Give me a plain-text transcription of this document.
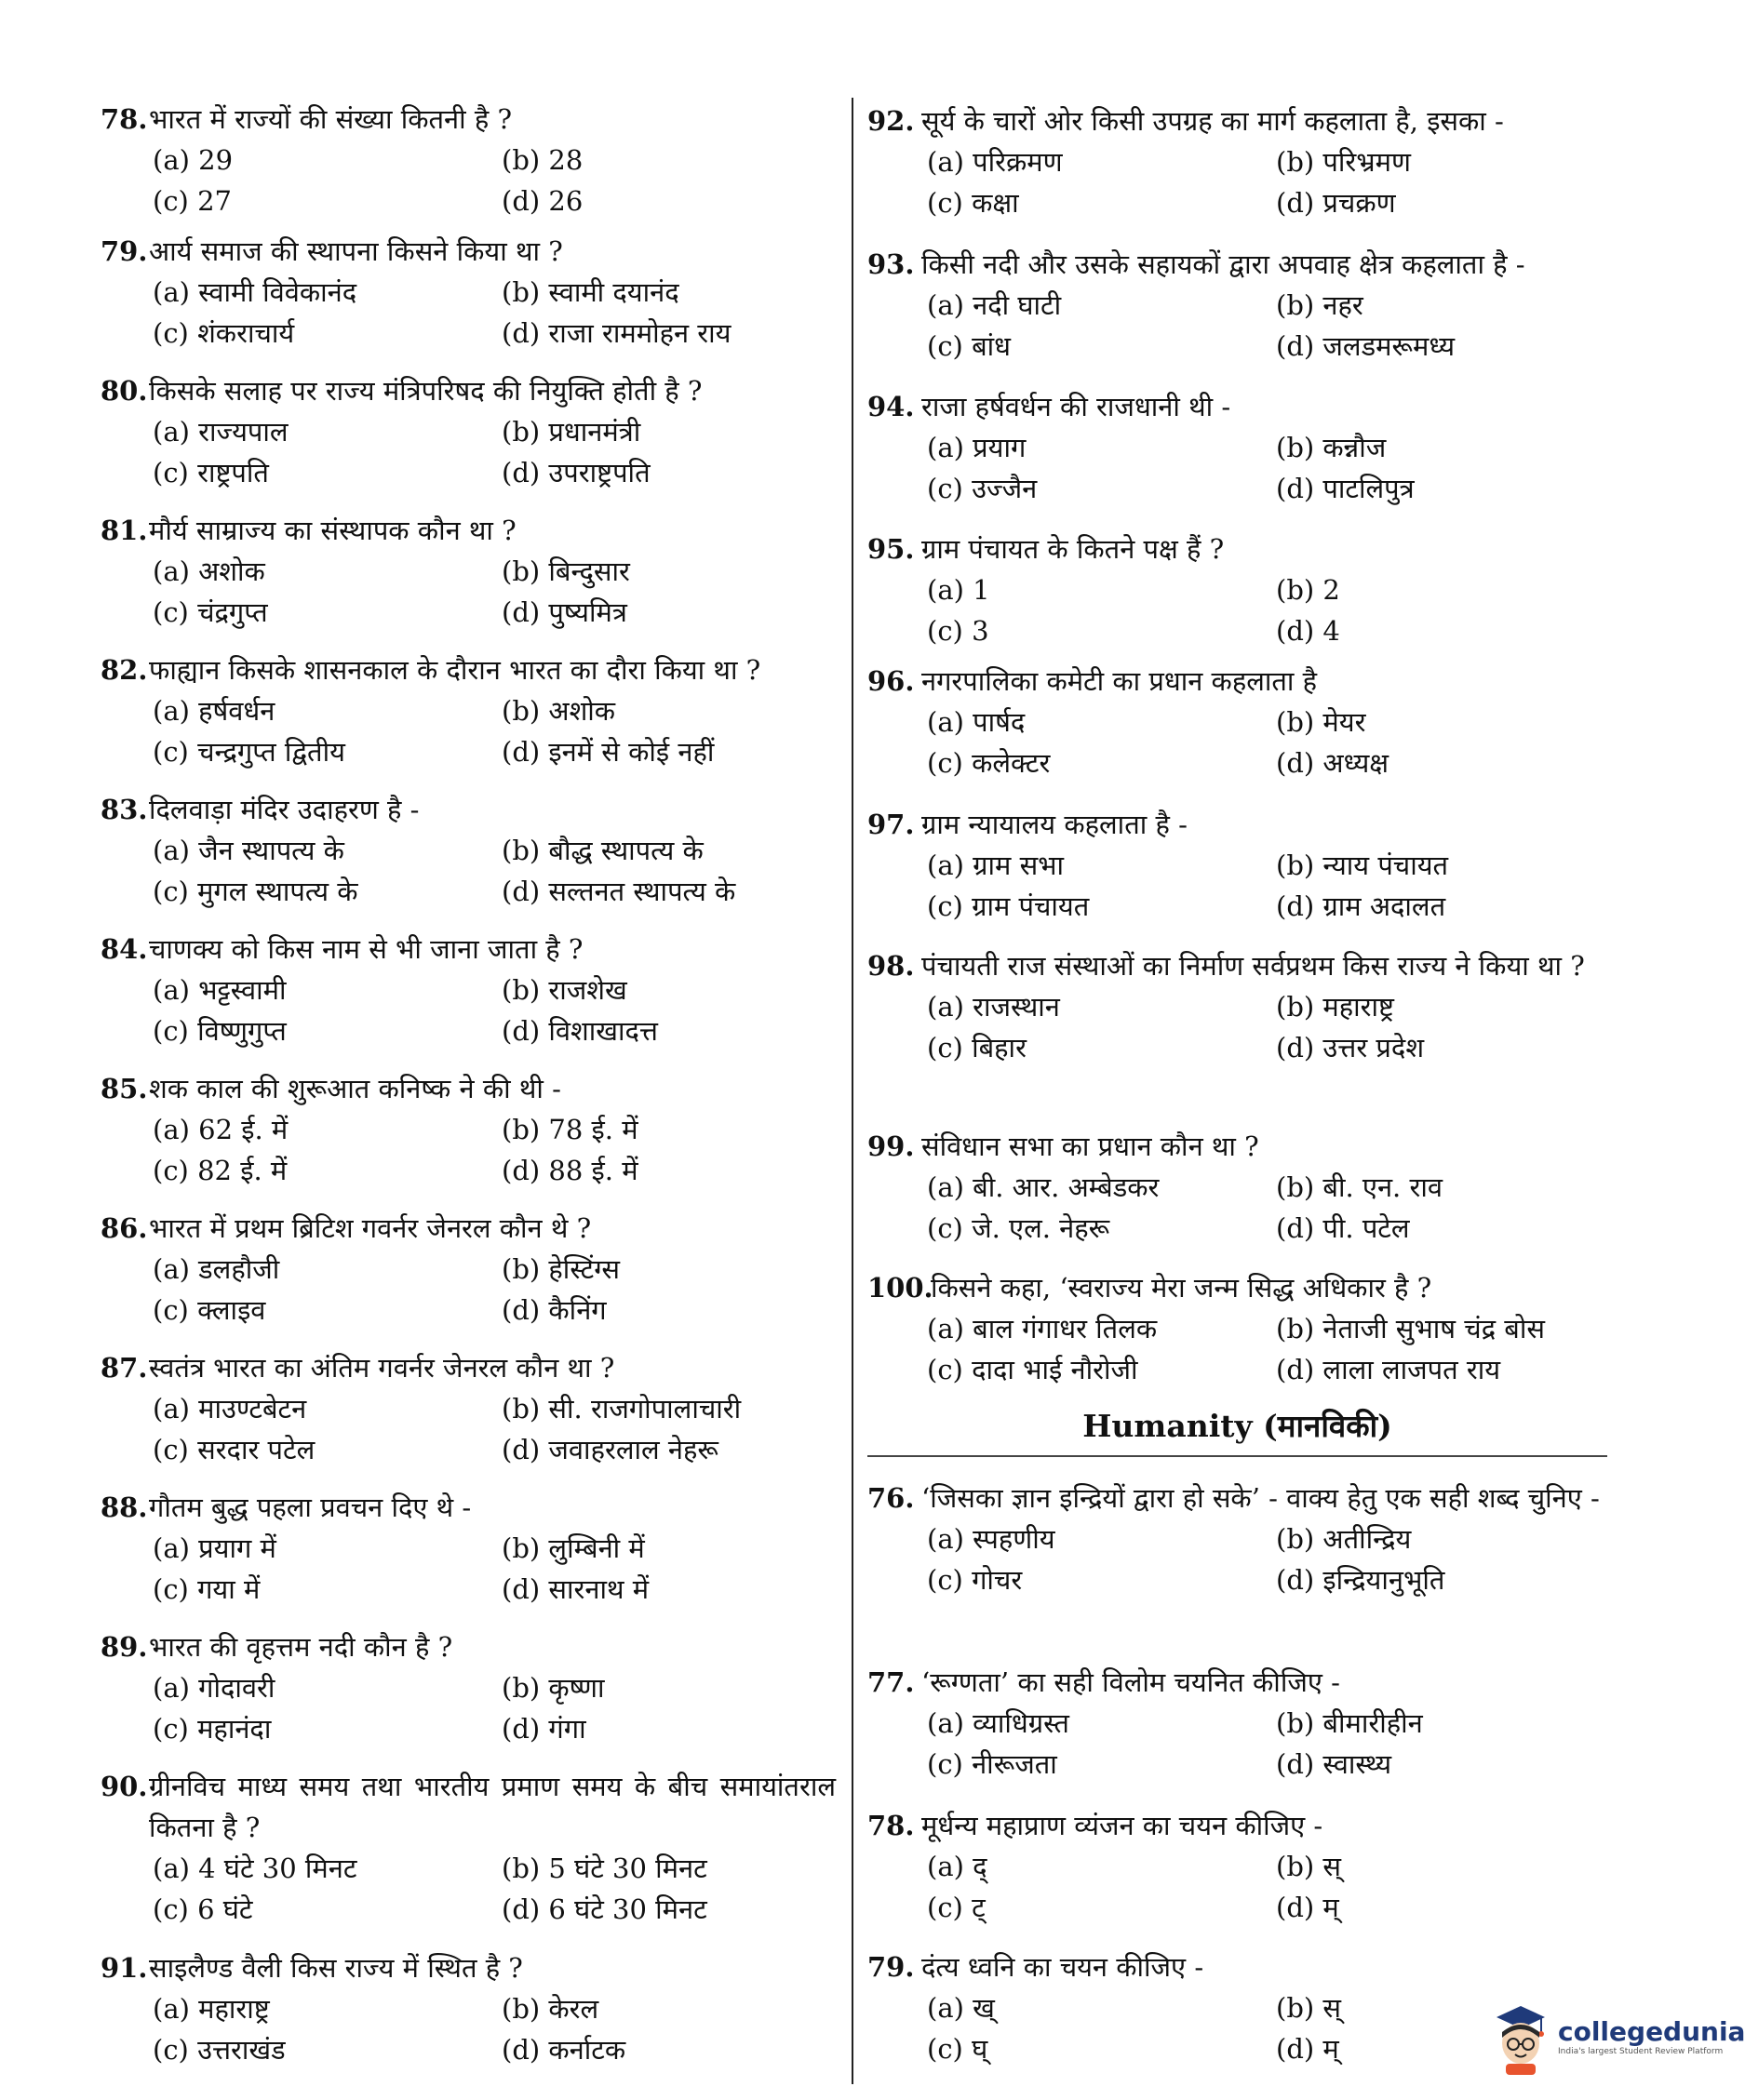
78. भारत में राज्यों की संख्या कितनी है ?
(a) 29	(b) 28
(c) 27	(d) 26
79. आर्य समाज की स्थापना किसने किया था ?
(a) स्वामी विवेकानंद	(b) स्वामी दयानंद
(c) शंकराचार्य	(d) राजा राममोहन राय
80. किसके सलाह पर राज्य मंत्रिपरिषद की नियुक्ति होती है ?
(a) राज्यपाल	(b) प्रधानमंत्री
(c) राष्ट्रपति	(d) उपराष्ट्रपति
81. मौर्य साम्राज्य का संस्थापक कौन था ?
(a) अशोक	(b) बिन्दुसार
(c) चंद्रगुप्त	(d) पुष्यमित्र
82. फाह्यान किसके शासनकाल के दौरान भारत का दौरा किया था ?
(a) हर्षवर्धन	(b) अशोक
(c) चन्द्रगुप्त द्वितीय	(d) इनमें से कोई नहीं
83. दिलवाड़ा मंदिर उदाहरण है -
(a) जैन स्थापत्य के	(b) बौद्ध स्थापत्य के
(c) मुगल स्थापत्य के	(d) सल्तनत स्थापत्य के
84. चाणक्य को किस नाम से भी जाना जाता है ?
(a) भट्टस्वामी	(b) राजशेख
(c) विष्णुगुप्त	(d) विशाखादत्त
85. शक काल की शुरूआत कनिष्क ने की थी -
(a) 62 ई. में	(b) 78 ई. में
(c) 82 ई. में	(d) 88 ई. में
86. भारत में प्रथम ब्रिटिश गवर्नर जेनरल कौन थे ?
(a) डलहौजी	(b) हेस्टिंग्स
(c) क्लाइव	(d) कैनिंग
87. स्वतंत्र भारत का अंतिम गवर्नर जेनरल कौन था ?
(a) माउण्टबेटन	(b) सी. राजगोपालाचारी
(c) सरदार पटेल	(d) जवाहरलाल नेहरू
88. गौतम बुद्ध पहला प्रवचन दिए थे -
(a) प्रयाग में	(b) लुम्बिनी में
(c) गया में	(d) सारनाथ में
89. भारत की वृहत्तम नदी कौन है ?
(a) गोदावरी	(b) कृष्णा
(c) महानंदा	(d) गंगा
90. ग्रीनविच माध्य समय तथा भारतीय प्रमाण समय के बीच समायांतराल कितना है ?
(a) 4 घंटे 30 मिनट	(b) 5 घंटे 30 मिनट
(c) 6 घंटे	(d) 6 घंटे 30 मिनट
91. साइलैण्ड वैली किस राज्य में स्थित है ?
(a) महाराष्ट्र	(b) केरल
(c) उत्तराखंड	(d) कर्नाटक
92. सूर्य के चारों ओर किसी उपग्रह का मार्ग कहलाता है, इसका -
(a) परिक्रमण	(b) परिभ्रमण
(c) कक्षा	(d) प्रचक्रण
93. किसी नदी और उसके सहायकों द्वारा अपवाह क्षेत्र कहलाता है -
(a) नदी घाटी	(b) नहर
(c) बांध	(d) जलडमरूमध्य
94. राजा हर्षवर्धन की राजधानी थी -
(a) प्रयाग	(b) कन्नौज
(c) उज्जैन	(d) पाटलिपुत्र
95. ग्राम पंचायत के कितने पक्ष हैं ?
(a) 1	(b) 2
(c) 3	(d) 4
96. नगरपालिका कमेटी का प्रधान कहलाता है
(a) पार्षद	(b) मेयर
(c) कलेक्टर	(d) अध्यक्ष
97. ग्राम न्यायालय कहलाता है -
(a) ग्राम सभा	(b) न्याय पंचायत
(c) ग्राम पंचायत	(d) ग्राम अदालत
98. पंचायती राज संस्थाओं का निर्माण सर्वप्रथम किस राज्य ने किया था ?
(a) राजस्थान	(b) महाराष्ट्र
(c) बिहार	(d) उत्तर प्रदेश
99. संविधान सभा का प्रधान कौन था ?
(a) बी. आर. अम्बेडकर	(b) बी. एन. राव
(c) जे. एल. नेहरू	(d) पी. पटेल
100.
किसने कहा, ‘स्वराज्य मेरा जन्म सिद्ध अधिकार है ?
(a) बाल गंगाधर तिलक	(b) नेताजी सुभाष चंद्र बोस
(c) दादा भाई नौरोजी	(d) लाला लाजपत राय
Humanity (मानविकी)
76. ‘जिसका ज्ञान इन्द्रियों द्वारा हो सके’ - वाक्य हेतु एक सही शब्द चुनिए -
(a) स्पहणीय	(b) अतीन्द्रिय
(c) गोचर	(d) इन्द्रियानुभूति
77. ‘रूग्णता’ का सही विलोम चयनित कीजिए -
(a) व्याधिग्रस्त	(b) बीमारीहीन
(c) नीरूजता	(d) स्वास्थ्य
78. मूर्धन्य महाप्राण व्यंजन का चयन कीजिए -
(a) द्	(b) स्
(c) ट्	(d) म्
79. दंत्य ध्वनि का चयन कीजिए -
(a) ख्	(b) स्
(c) घ्	(d) म्
collegedunia
India's largest Student Review Platform
